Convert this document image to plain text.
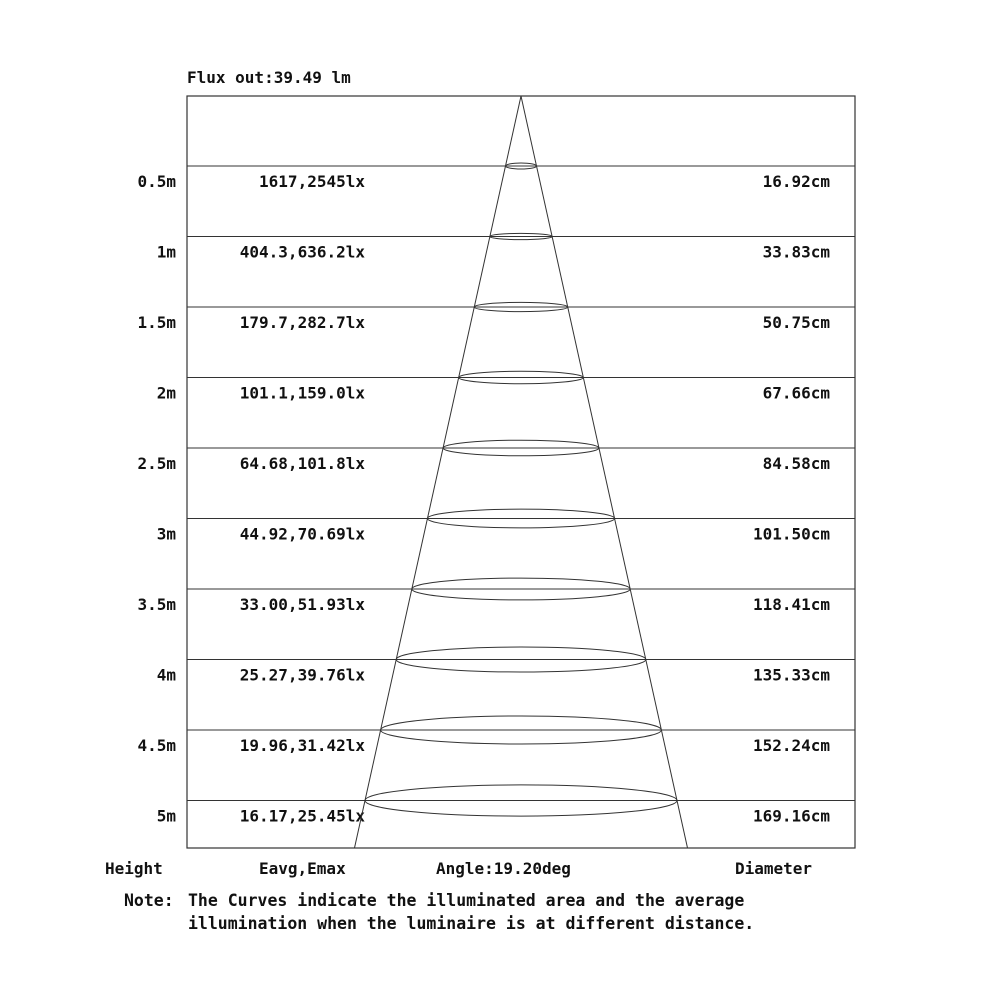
Flux out:39.49 lm
0.5m	1617,2545lx	16.92cm
1m	404.3,636.2lx	33.83cm
1.5m	179.7,282.7lx	50.75cm
2m	101.1,159.0lx	67.66cm
2.5m	64.68,101.8lx	84.58cm
3m	44.92,70.69lx	101.50cm
3.5m	33.00,51.93lx	118.41cm
4m	25.27,39.76lx	135.33cm
4.5m	19.96,31.42lx	152.24cm
5m	16.17,25.45lx	169.16cm
Height	Eavg,Emax	Angle:19.20deg	Diameter
Note: The Curves indicate the illuminated area and the average
illumination when the luminaire is at different distance.
